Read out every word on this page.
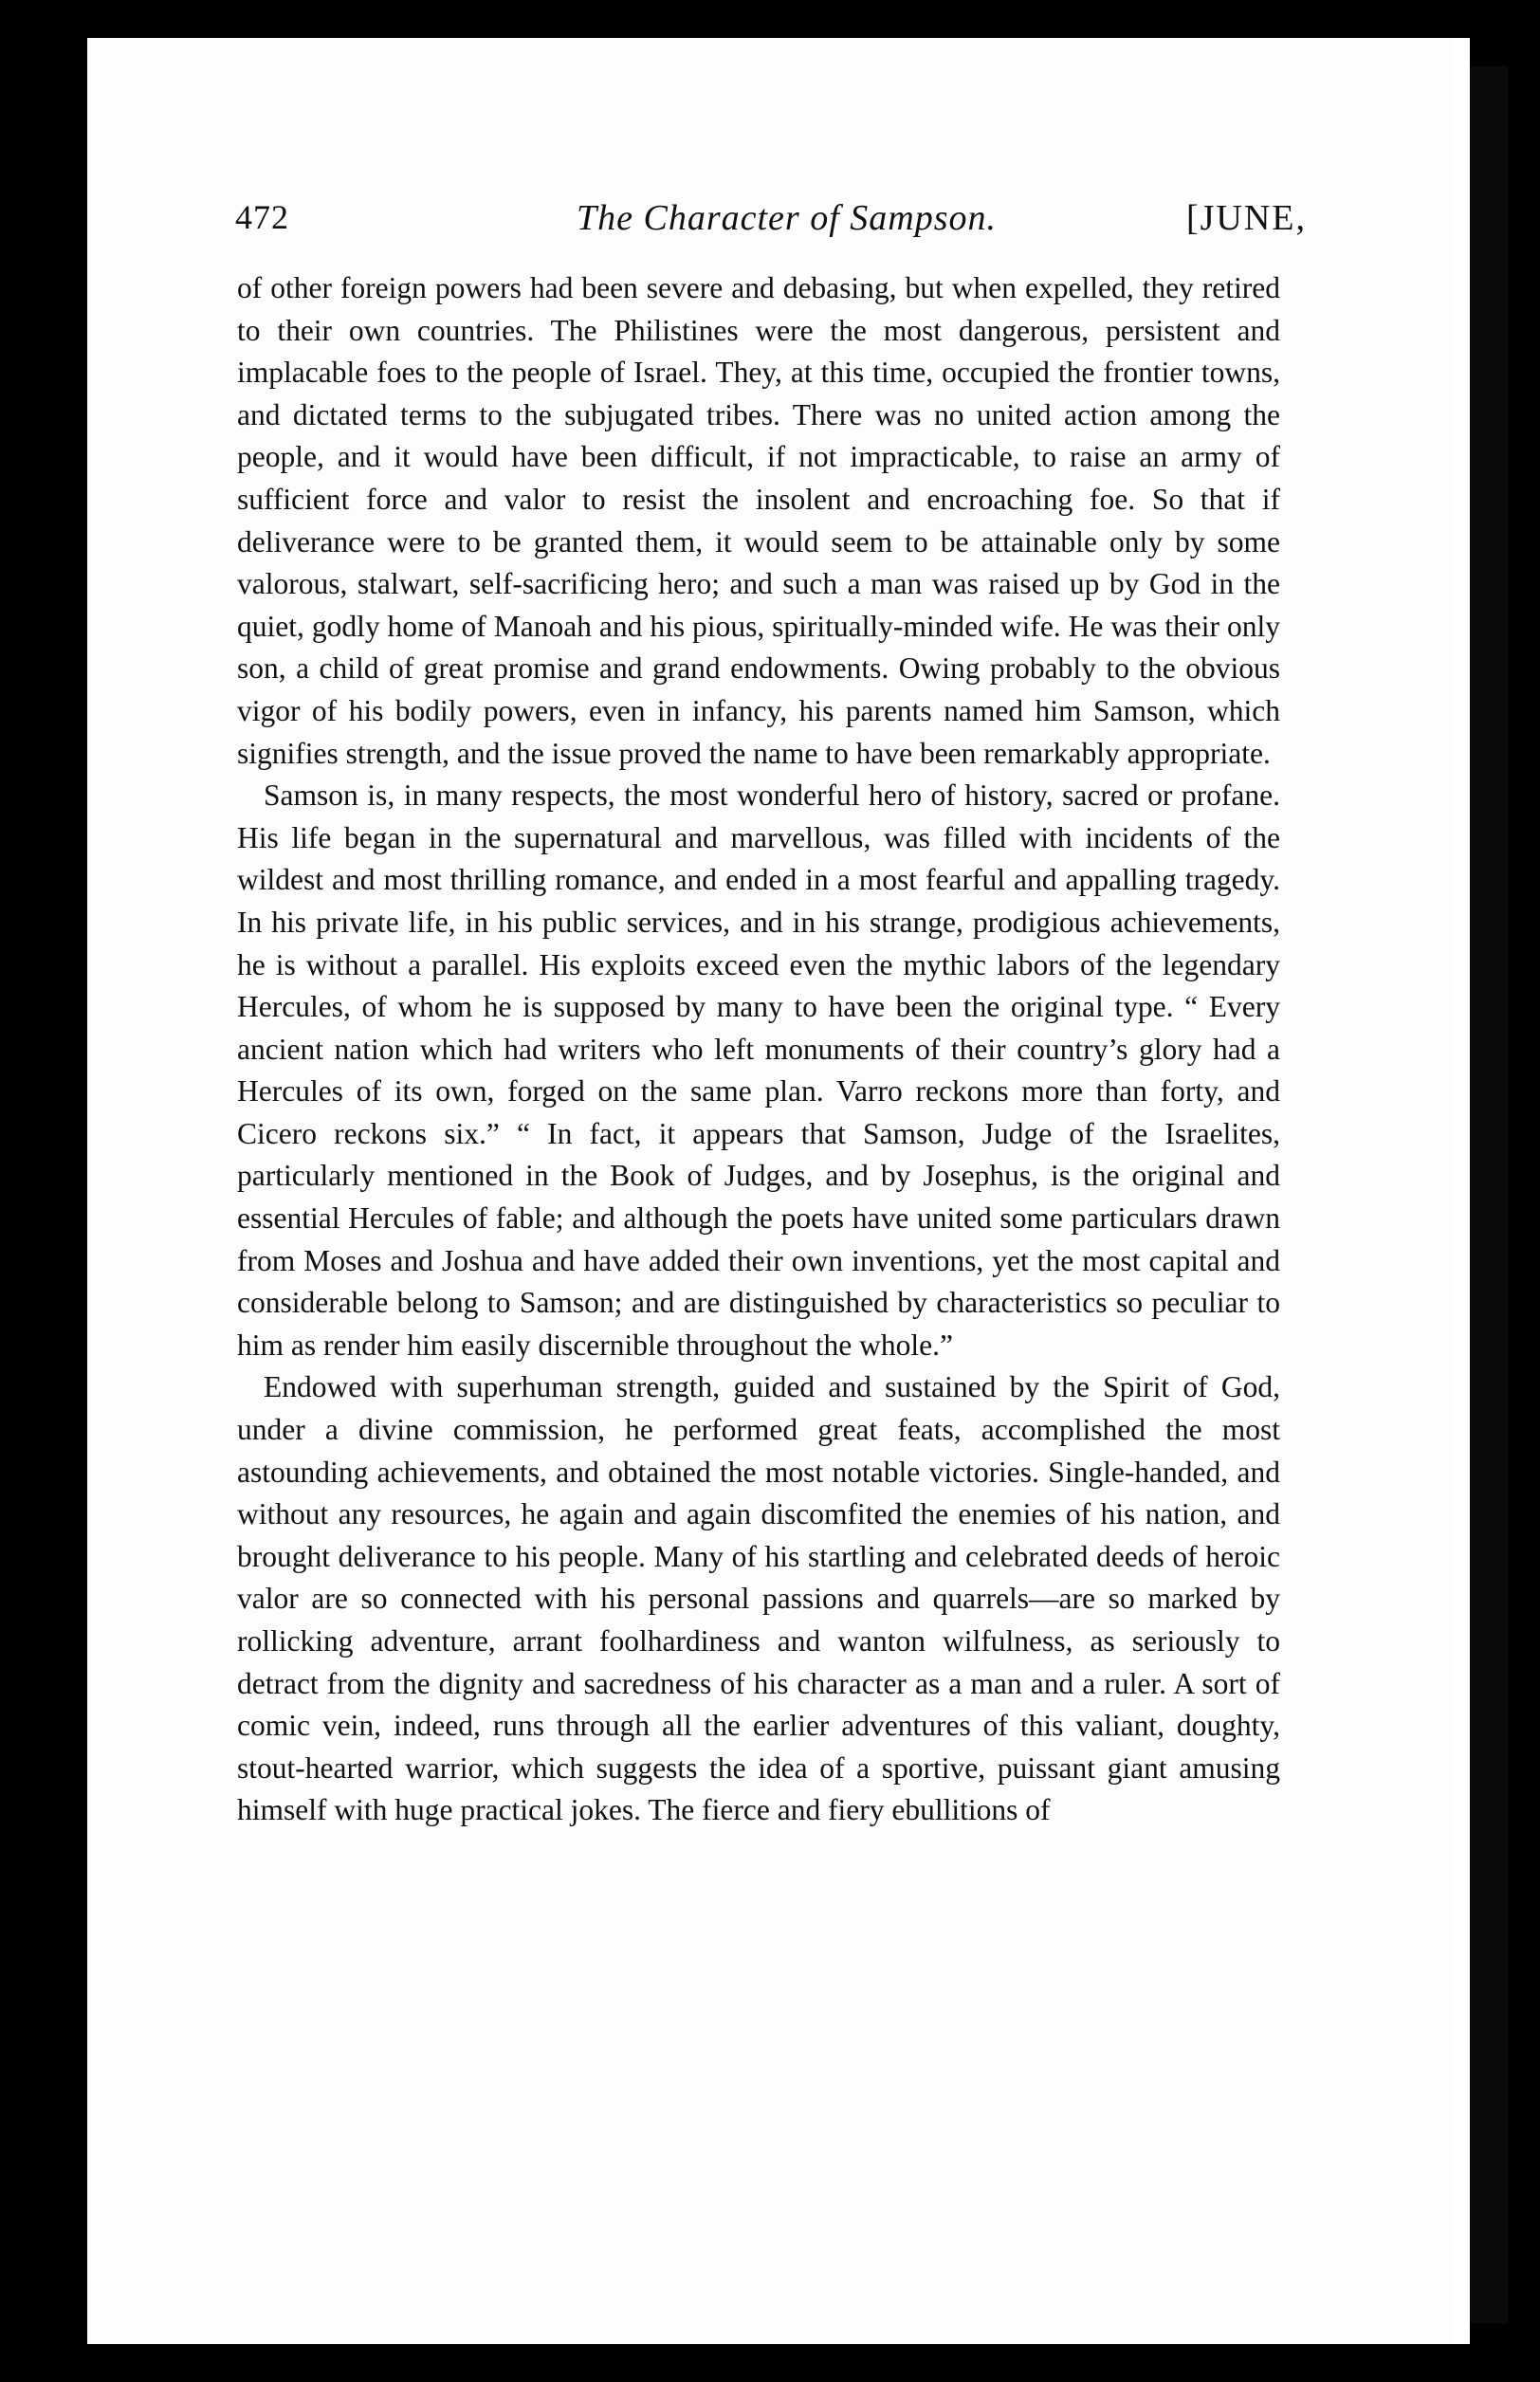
472	The Character of Sampson.	[JUNE,

of other foreign powers had been severe and debasing, but when expelled, they retired to their own countries. The Philistines were the most dangerous, persistent and implacable foes to the people of Israel. They, at this time, occupied the frontier towns, and dictated terms to the subjugated tribes. There was no united action among the people, and it would have been difficult, if not impracticable, to raise an army of sufficient force and valor to resist the insolent and encroaching foe. So that if deliverance were to be granted them, it would seem to be attainable only by some valorous, stalwart, self-sacrificing hero; and such a man was raised up by God in the quiet, godly home of Manoah and his pious, spiritually-minded wife. He was their only son, a child of great promise and grand endowments. Owing probably to the obvious vigor of his bodily powers, even in infancy, his parents named him Samson, which signifies strength, and the issue proved the name to have been remarkably appropriate.

Samson is, in many respects, the most wonderful hero of history, sacred or profane. His life began in the supernatural and marvellous, was filled with incidents of the wildest and most thrilling romance, and ended in a most fearful and appalling tragedy. In his private life, in his public services, and in his strange, prodigious achievements, he is without a parallel. His exploits exceed even the mythic labors of the legendary Hercules, of whom he is supposed by many to have been the original type. “ Every ancient nation which had writers who left monuments of their country’s glory had a Hercules of its own, forged on the same plan. Varro reckons more than forty, and Cicero reckons six.” “ In fact, it appears that Samson, Judge of the Israelites, particularly mentioned in the Book of Judges, and by Josephus, is the original and essential Hercules of fable; and although the poets have united some particulars drawn from Moses and Joshua and have added their own inventions, yet the most capital and considerable belong to Samson; and are distinguished by characteristics so peculiar to him as render him easily discernible throughout the whole.”

Endowed with superhuman strength, guided and sustained by the Spirit of God, under a divine commission, he performed great feats, accomplished the most astounding achievements, and obtained the most notable victories. Single-handed, and without any resources, he again and again discomfited the enemies of his nation, and brought deliverance to his people. Many of his startling and celebrated deeds of heroic valor are so connected with his personal passions and quarrels—are so marked by rollicking adventure, arrant foolhardiness and wanton wilfulness, as seriously to detract from the dignity and sacredness of his character as a man and a ruler. A sort of comic vein, indeed, runs through all the earlier adventures of this valiant, doughty, stout-hearted warrior, which suggests the idea of a sportive, puissant giant amusing himself with huge practical jokes. The fierce and fiery ebullitions of
